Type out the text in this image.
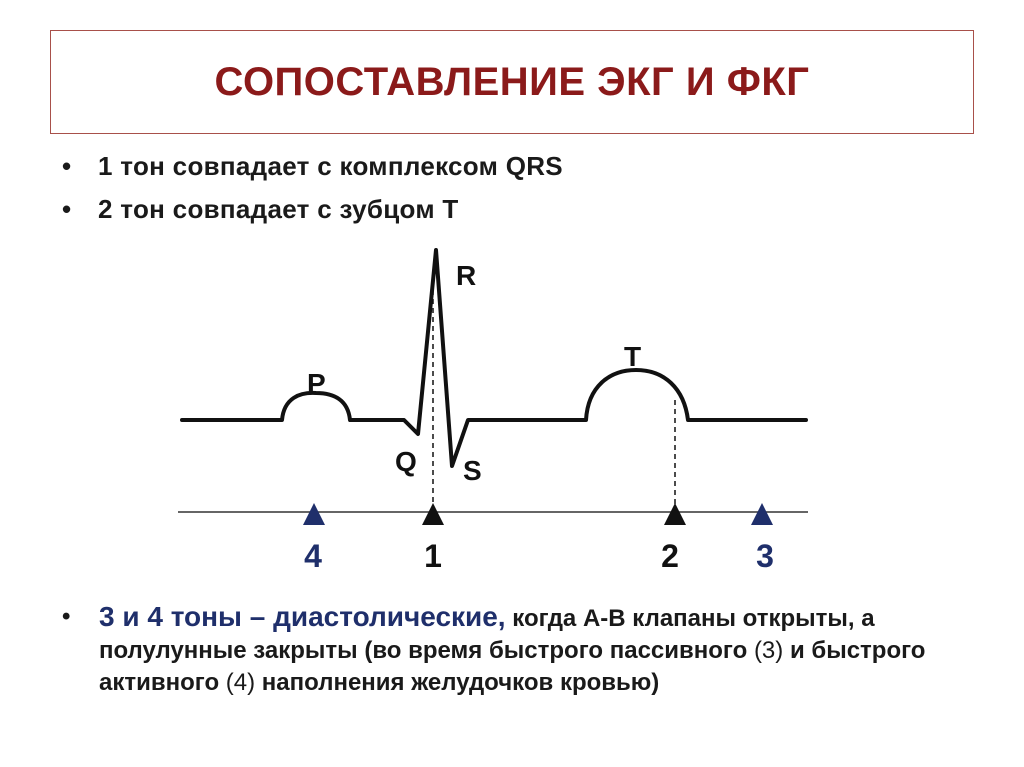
СОПОСТАВЛЕНИЕ ЭКГ И ФКГ
• 1 тон совпадает с комплексом QRS
• 2 тон совпадает с зубцом Т
R
P
T
Q S
4	1	2 3
• 3 и 4 тоны – диастолические, когда А-В клапаны открыты, а полулунные закрыты (во время быстрого пассивного (3) и быстрого активного (4) наполнения желудочков кровью)
